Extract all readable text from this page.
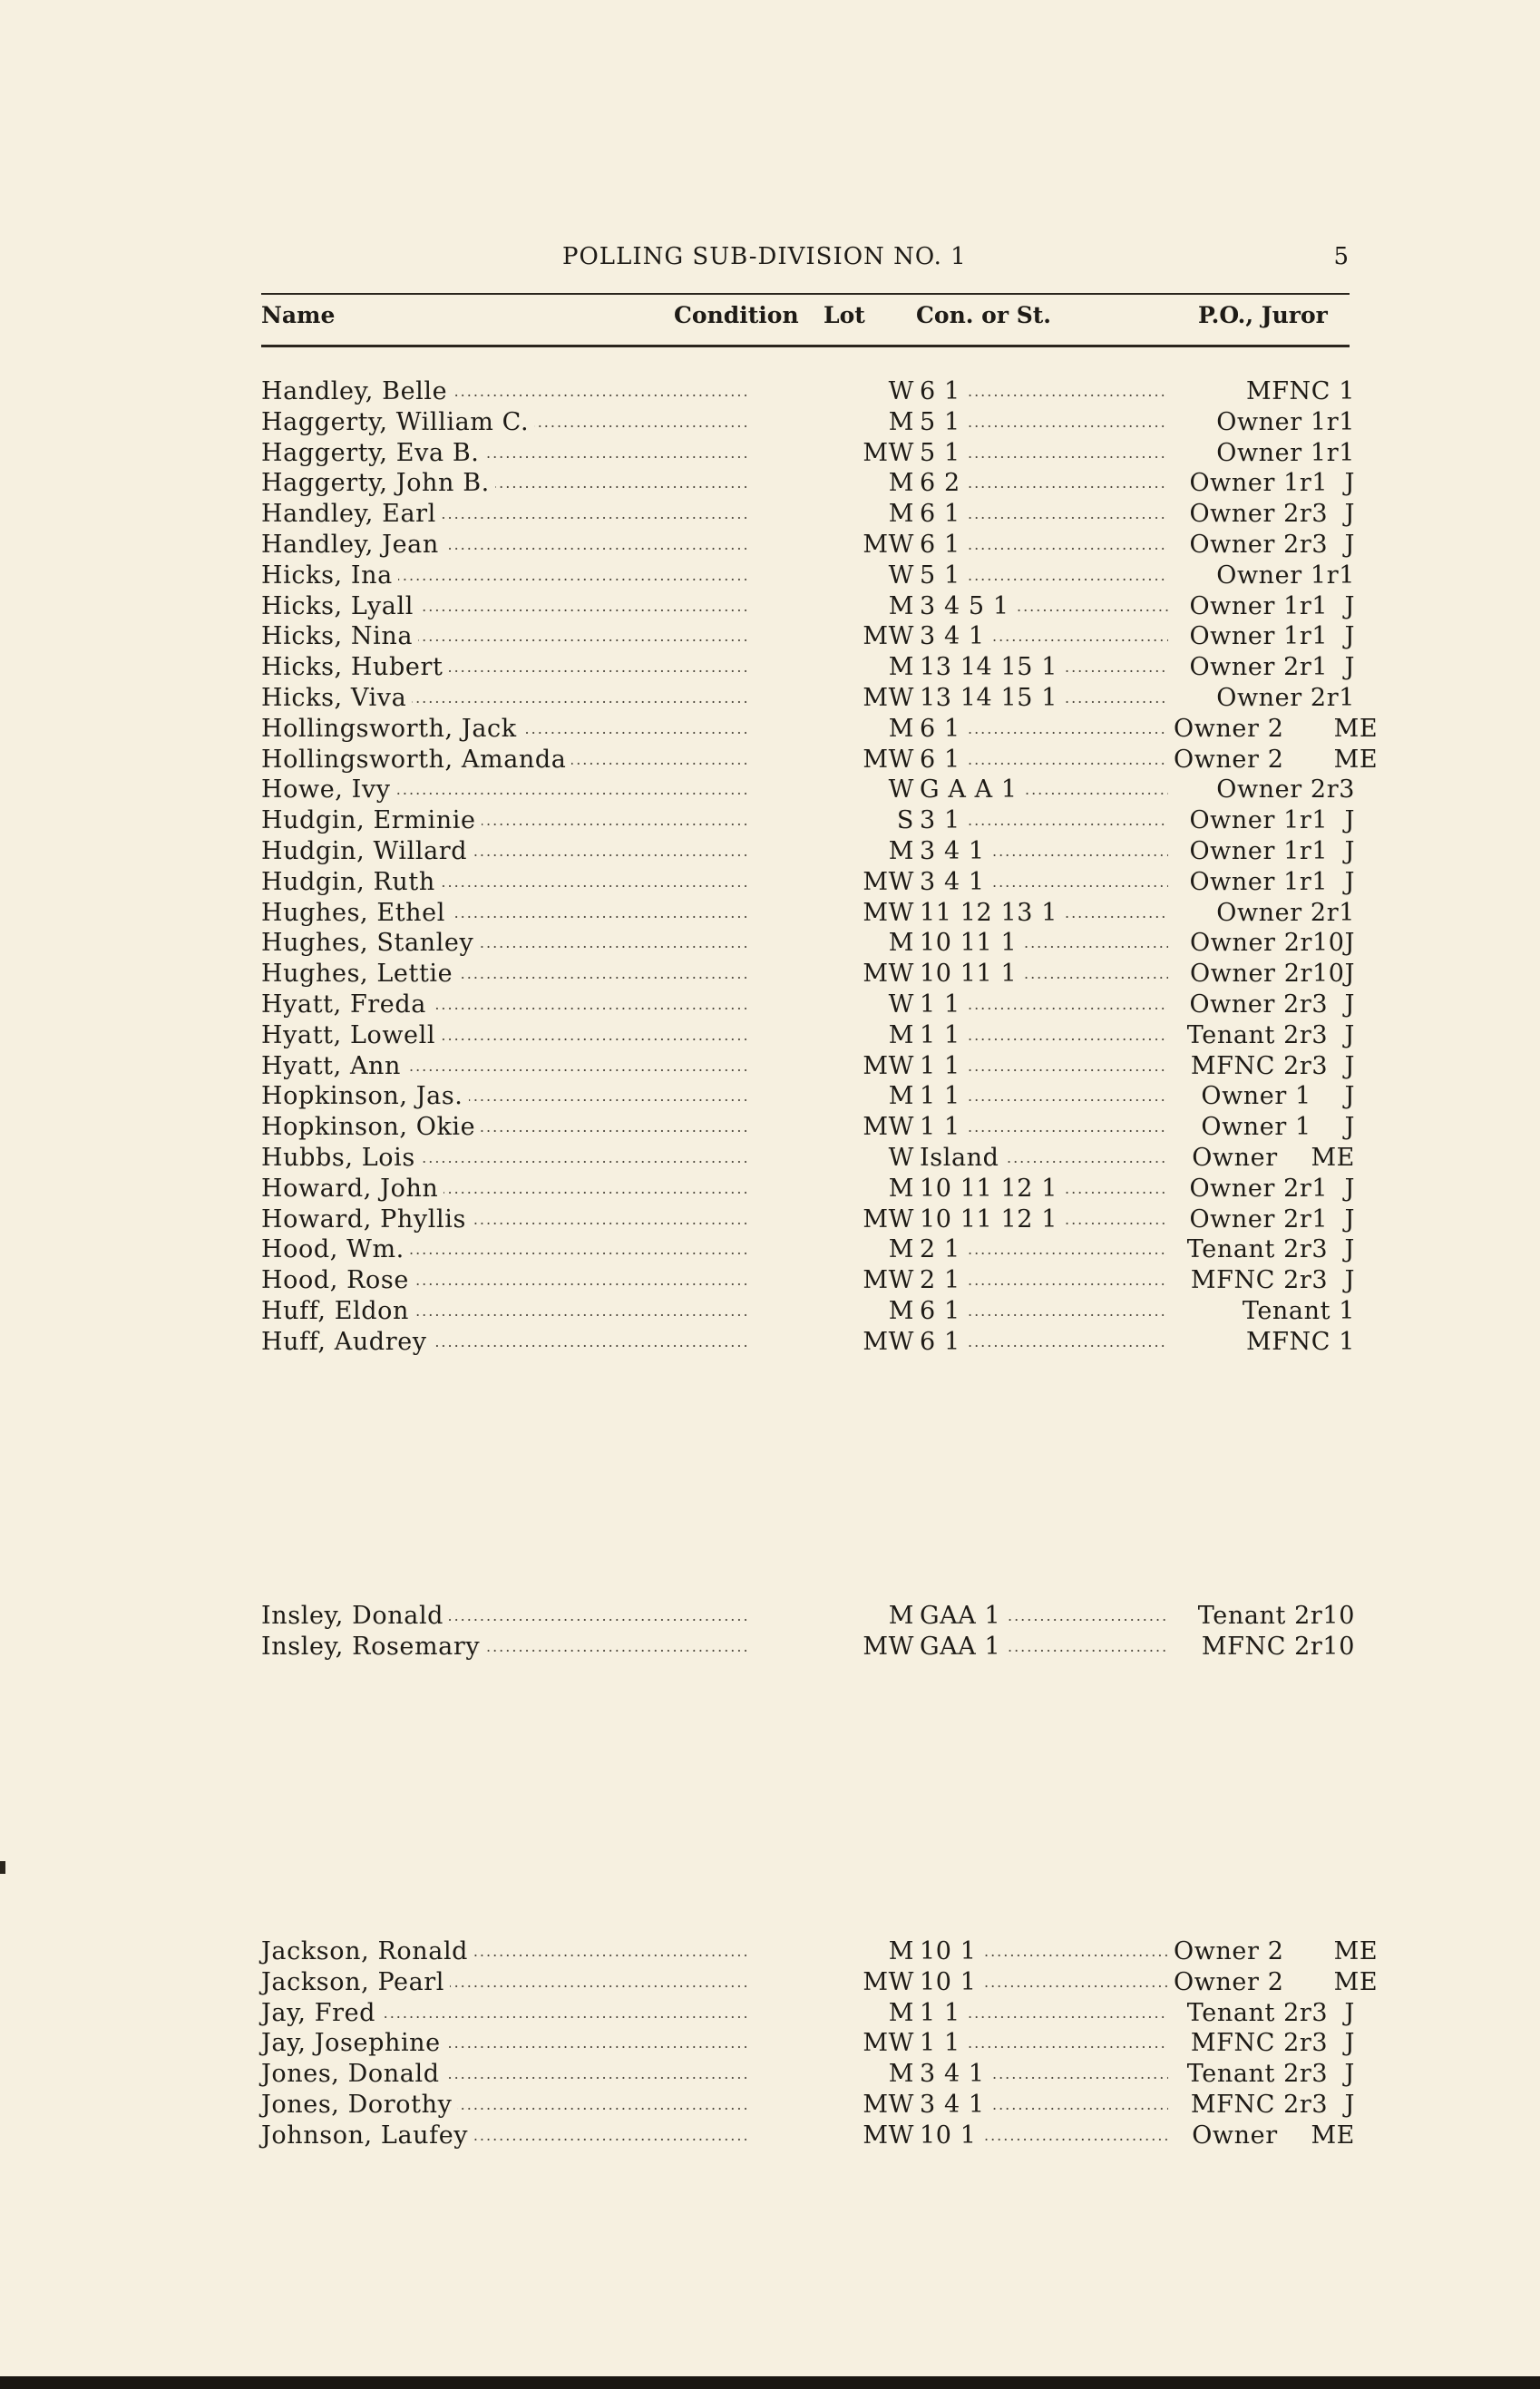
POLLING SUB-DIVISION NO. 1	5
Name	Condition Lot Con. or St.	P.O., Juror
.....
.....
Handley, Belle	W 6 1	MFNC 1
.....
.....
Haggerty, William C.	M 5 1	Owner 1r1
.....
.....
Haggerty, Eva B.	MW 5 1	Owner 1r1
.....
.....
Haggerty, John B.	M 6 2	Owner 1r1  J
.....
.....
Handley, Earl	M 6 1	Owner 2r3  J
.....
.....
Handley, Jean	MW 6 1	Owner 2r3  J
.....
.....
Hicks, Ina	W 5 1	Owner 1r1
.....
.....
Hicks, Lyall	M 3 4 5 1	Owner 1r1  J
.....
.....
Hicks, Nina	MW 3 4 1	Owner 1r1  J
.....
.....
Hicks, Hubert	M 13 14 15 1	Owner 2r1  J
.....
.....
Hicks, Viva	MW 13 14 15 1	Owner 2r1
.....
.....
Hollingsworth, Jack	M 6 1	Owner 2      ME
.....
.....
Hollingsworth, Amanda	MW 6 1	Owner 2      ME
.....
.....
Howe, Ivy	W G A A 1	Owner 2r3
.....
.....
Hudgin, Erminie	S 3 1	Owner 1r1  J
.....
.....
Hudgin, Willard	M 3 4 1	Owner 1r1  J
.....
.....
Hudgin, Ruth	MW 3 4 1	Owner 1r1  J
.....
.....
Hughes, Ethel	MW 11 12 13 1	Owner 2r1
.....
.....
Hughes, Stanley	M 10 11 1	Owner 2r10J
.....
.....
Hughes, Lettie	MW 10 11 1	Owner 2r10J
.....
.....
Hyatt, Freda	W 1 1	Owner 2r3  J
.....
.....
Hyatt, Lowell	M 1 1	Tenant 2r3  J
.....
.....
Hyatt, Ann	MW 1 1	MFNC 2r3  J
.....
.....
Hopkinson, Jas.	M 1 1	Owner 1    J
.....
.....
Hopkinson, Okie	MW 1 1	Owner 1    J
.....
.....
Hubbs, Lois	W Island	Owner    ME
.....
.....
Howard, John	M 10 11 12 1	Owner 2r1  J
.....
.....
Howard, Phyllis	MW 10 11 12 1	Owner 2r1  J
.....
.....
Hood, Wm.	M 2 1	Tenant 2r3  J
.....
.....
Hood, Rose	MW 2 1	MFNC 2r3  J
.....
.....
Huff, Eldon	M 6 1	Tenant 1
.....
.....
Huff, Audrey	MW 6 1	MFNC 1
.....
.....
Insley, Donald	M GAA 1	Tenant 2r10
.....
.....
Insley, Rosemary	MW GAA 1	MFNC 2r10
.....
.....
Jackson, Ronald	M 10 1	Owner 2      ME
.....
.....
Jackson, Pearl	MW 10 1	Owner 2      ME
.....
.....
Jay, Fred	M 1 1	Tenant 2r3  J
.....
.....
Jay, Josephine	MW 1 1	MFNC 2r3  J
.....
.....
Jones, Donald	M 3 4 1	Tenant 2r3  J
.....
.....
Jones, Dorothy	MW 3 4 1	MFNC 2r3  J
.....
.....
Johnson, Laufey	MW 10 1	Owner    ME
